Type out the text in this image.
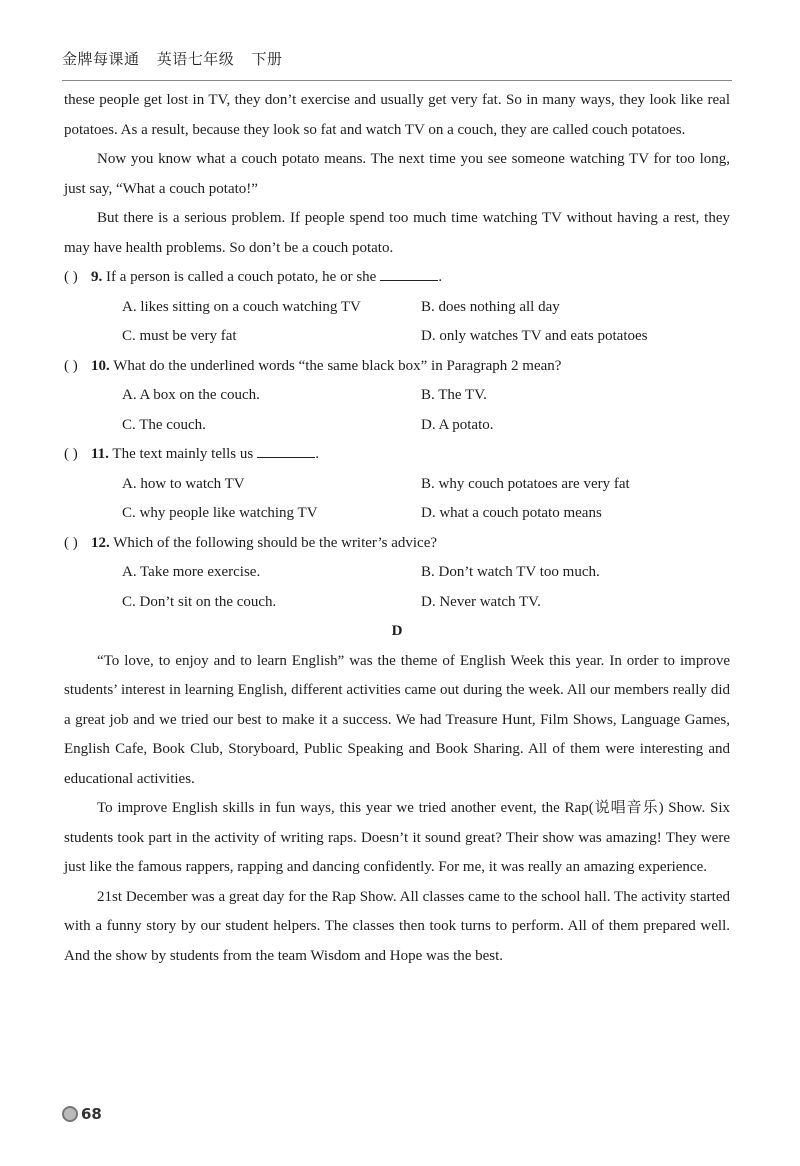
金牌每课通 英语七年级 下册

these people get lost in TV, they don’t exercise and usually get very fat. So in many ways, they look like real potatoes. As a result, because they look so fat and watch TV on a couch, they are called couch potatoes.

Now you know what a couch potato means. The next time you see someone watching TV for too long, just say, “What a couch potato!”

But there is a serious problem. If people spend too much time watching TV without having a rest, they may have health problems. So don’t be a couch potato.

( ) 9. If a person is called a couch potato, he or she	.
A. likes sitting on a couch watching TV	B. does nothing all day
C. must be very fat	D. only watches TV and eats potatoes
( ) 10. What do the underlined words “the same black box” in Paragraph 2 mean?
A. A box on the couch.	B. The TV.
C. The couch.	D. A potato.
( ) 11. The text mainly tells us	.
A. how to watch TV	B. why couch potatoes are very fat
C. why people like watching TV	D. what a couch potato means
( ) 12. Which of the following should be the writer’s advice?
A. Take more exercise.	B. Don’t watch TV too much.
C. Don’t sit on the couch.	D. Never watch TV.
D

“To love, to enjoy and to learn English” was the theme of English Week this year. In order to improve students’ interest in learning English, different activities came out during the week. All our members really did a great job and we tried our best to make it a success. We had Treasure Hunt, Film Shows, Language Games, English Cafe, Book Club, Storyboard, Public Speaking and Book Sharing. All of them were interesting and educational activities.

To improve English skills in fun ways, this year we tried another event, the Rap(说唱音乐) Show. Six students took part in the activity of writing raps. Doesn’t it sound great? Their show was amazing! They were just like the famous rappers, rapping and dancing confidently. For me, it was really an amazing experience.

21st December was a great day for the Rap Show. All classes came to the school hall. The activity started with a funny story by our student helpers. The classes then took turns to perform. All of them prepared well. And the show by students from the team Wisdom and Hope was the best.

68
